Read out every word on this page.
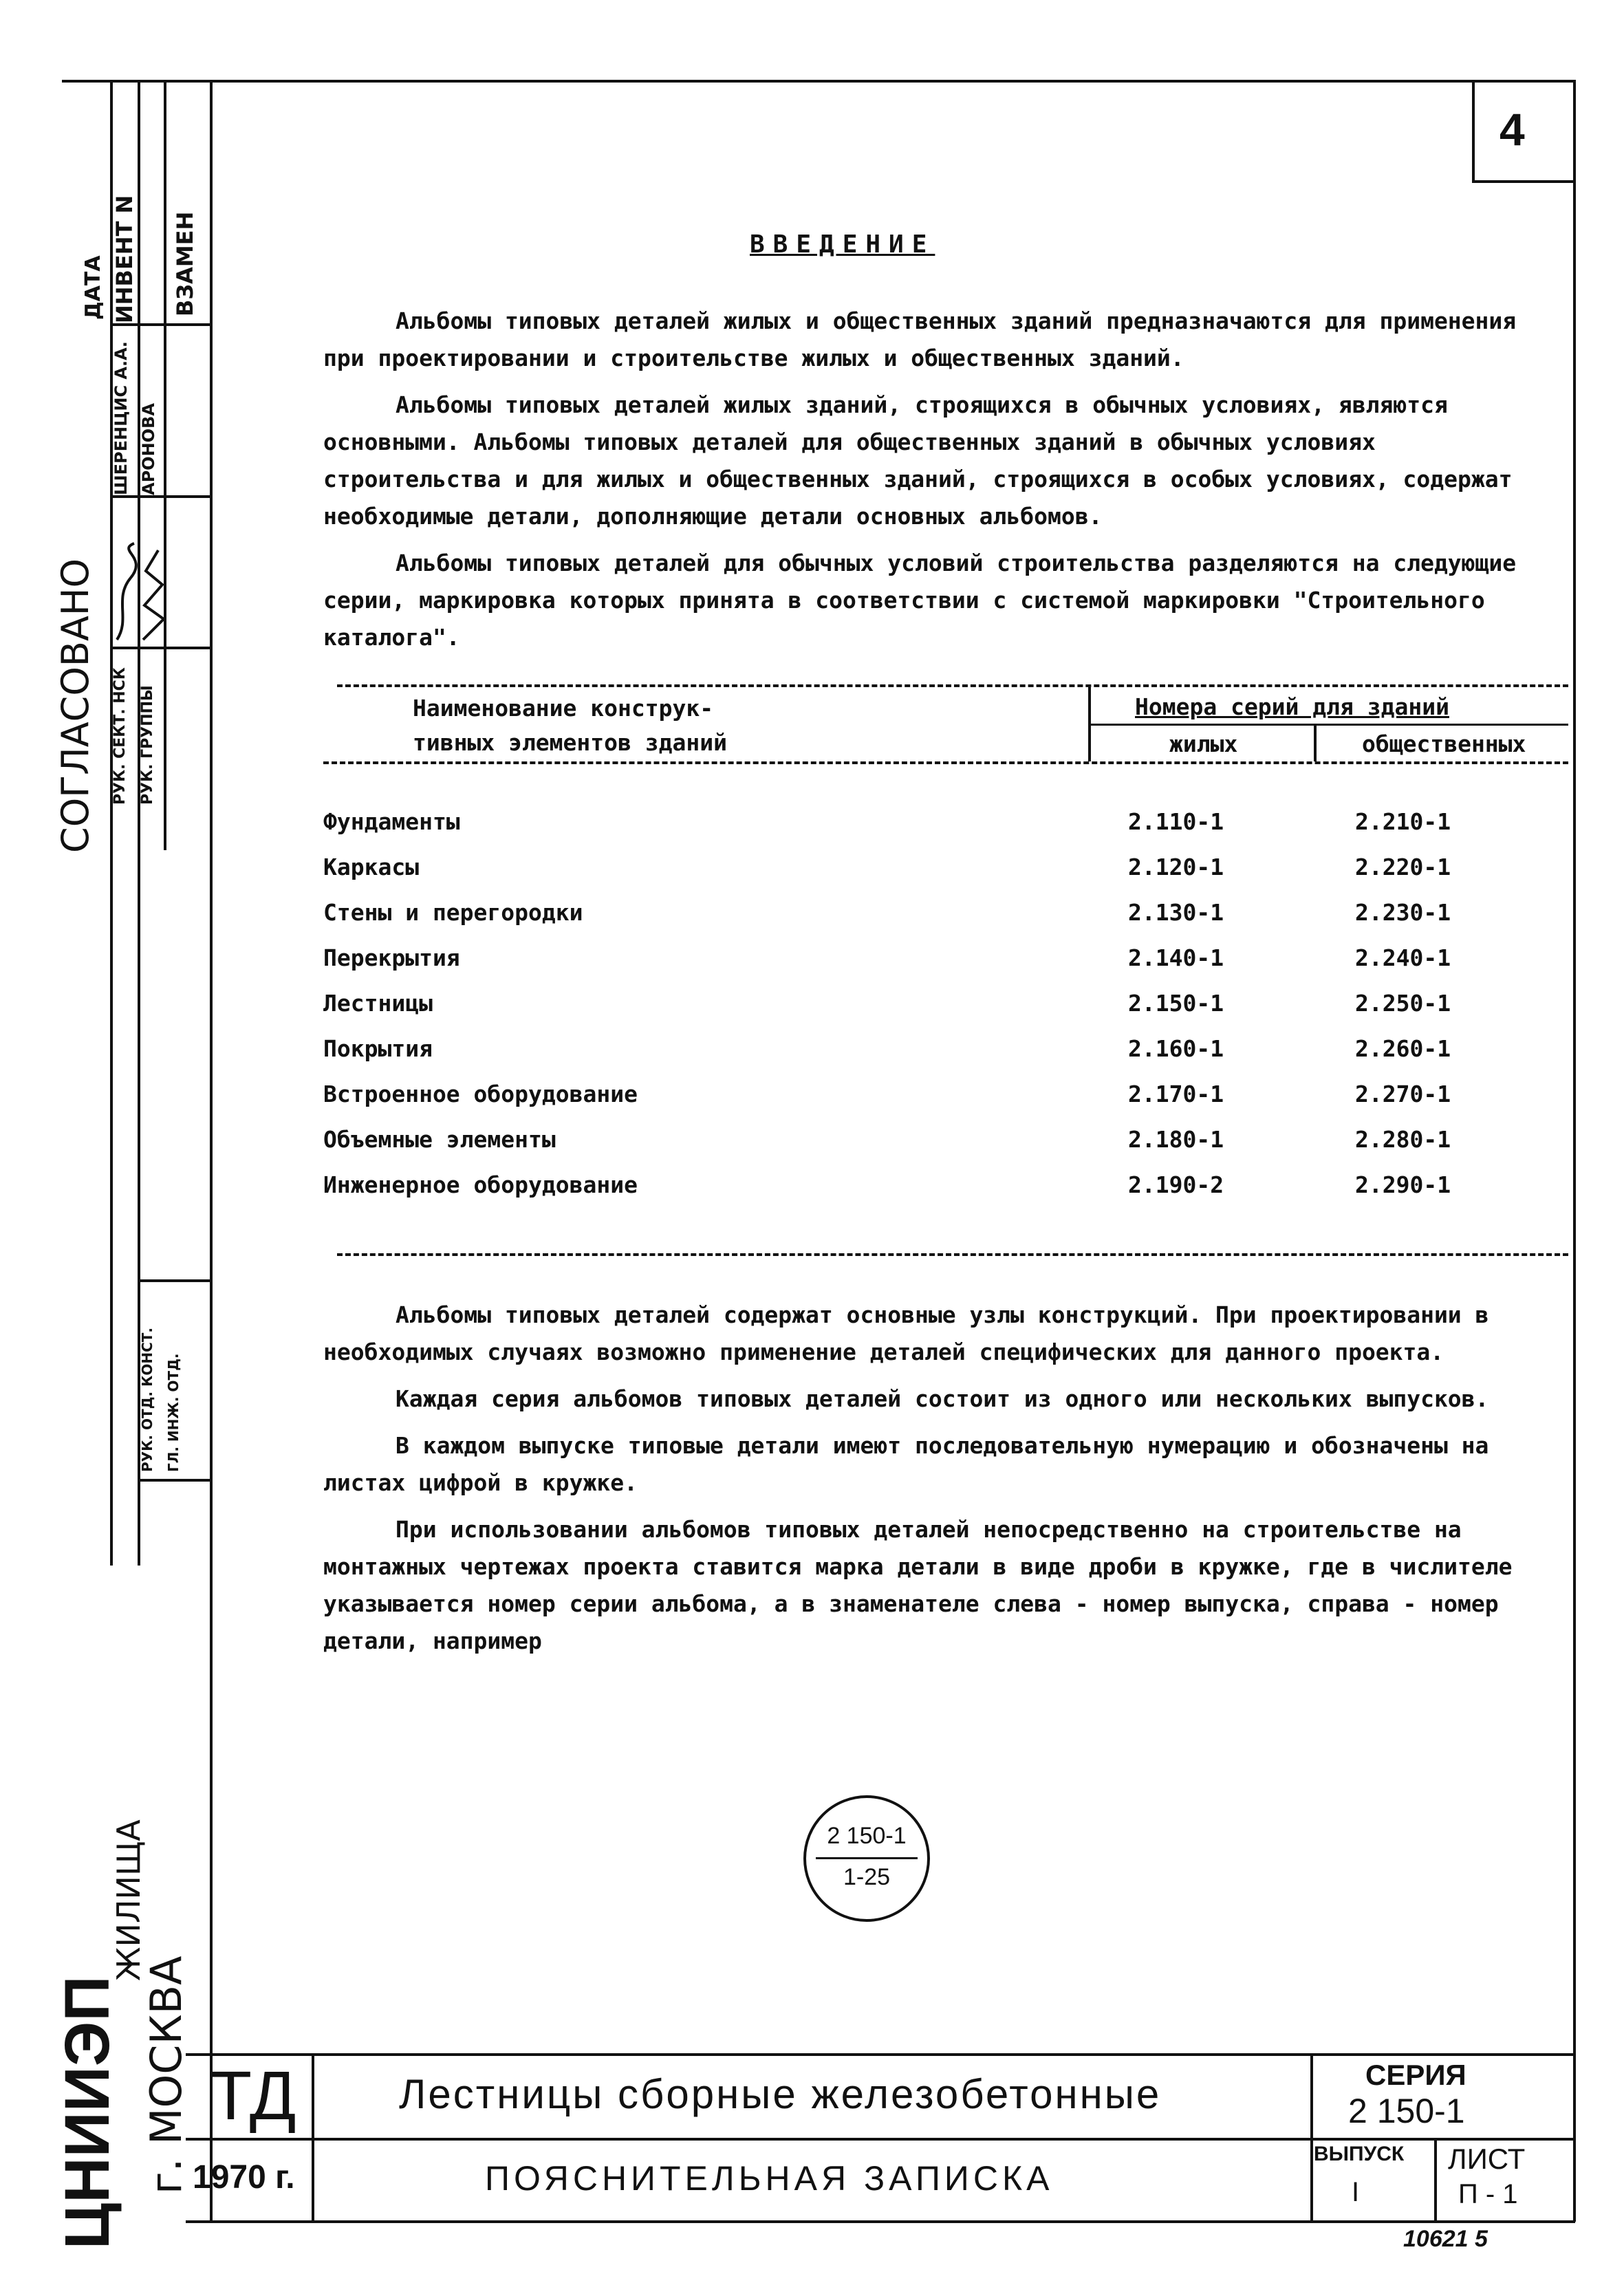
4
ДАТА ИНВЕНТ N ВЗАМЕН
СОГЛАСОВАНО
ШЕРЕНЦИС А.А. АРОНОВА
РУК. СЕКТ. НСК РУК. ГРУППЫ
РУК. ОТД. КОНСТ. ГЛ. ИНЖ. ОТД.
ЦНИИЭП
ЖИЛИЩА
г. МОСКВА
ВВЕДЕНИЕ

Альбомы типовых деталей жилых и общественных зданий предназначаются для применения при проектировании и строительстве жилых и общественных зданий.

Альбомы типовых деталей жилых зданий, строящихся в обычных условиях, являются основными. Альбомы типовых деталей для общественных зданий в обычных условиях строительства и для жилых и общественных зданий, строящихся в особых условиях, содержат необходимые детали, дополняющие детали основных альбомов.

Альбомы типовых деталей для обычных условий строительства разделяются на следующие серии, маркировка которых принята в соответствии с системой маркировки "Строительного каталога".

Наименование конструк-
тивных элементов зданий
Номера серий для зданий
жилых	общественных
Фундаменты	2.110-1	2.210-1
Каркасы	2.120-1	2.220-1
Стены и перегородки	2.130-1	2.230-1
Перекрытия	2.140-1	2.240-1
Лестницы	2.150-1	2.250-1
Покрытия	2.160-1	2.260-1
Встроенное оборудование	2.170-1	2.270-1
Объемные элементы	2.180-1	2.280-1
Инженерное оборудование	2.190-2	2.290-1

Альбомы типовых деталей содержат основные узлы конструкций. При проектировании в необходимых случаях возможно применение деталей специфических для данного проекта.

Каждая серия альбомов типовых деталей состоит из одного или нескольких выпусков.

В каждом выпуске типовые детали имеют последовательную нумерацию и обозначены на листах цифрой в кружке.

При использовании альбомов типовых деталей непосредственно на строительстве на монтажных чертежах проекта ставится марка детали в виде дроби в кружке, где в числителе указывается номер серии альбома, а в знаменателе слева - номер выпуска, справа - номер детали, например

2 150-1
1-25
ТД
1970 г.
Лестницы сборные железобетонные
ПОЯСНИТЕЛЬНАЯ ЗАПИСКА
СЕРИЯ
2 150-1
ВЫПУСК
I
ЛИСТ
П - 1
10621 5
